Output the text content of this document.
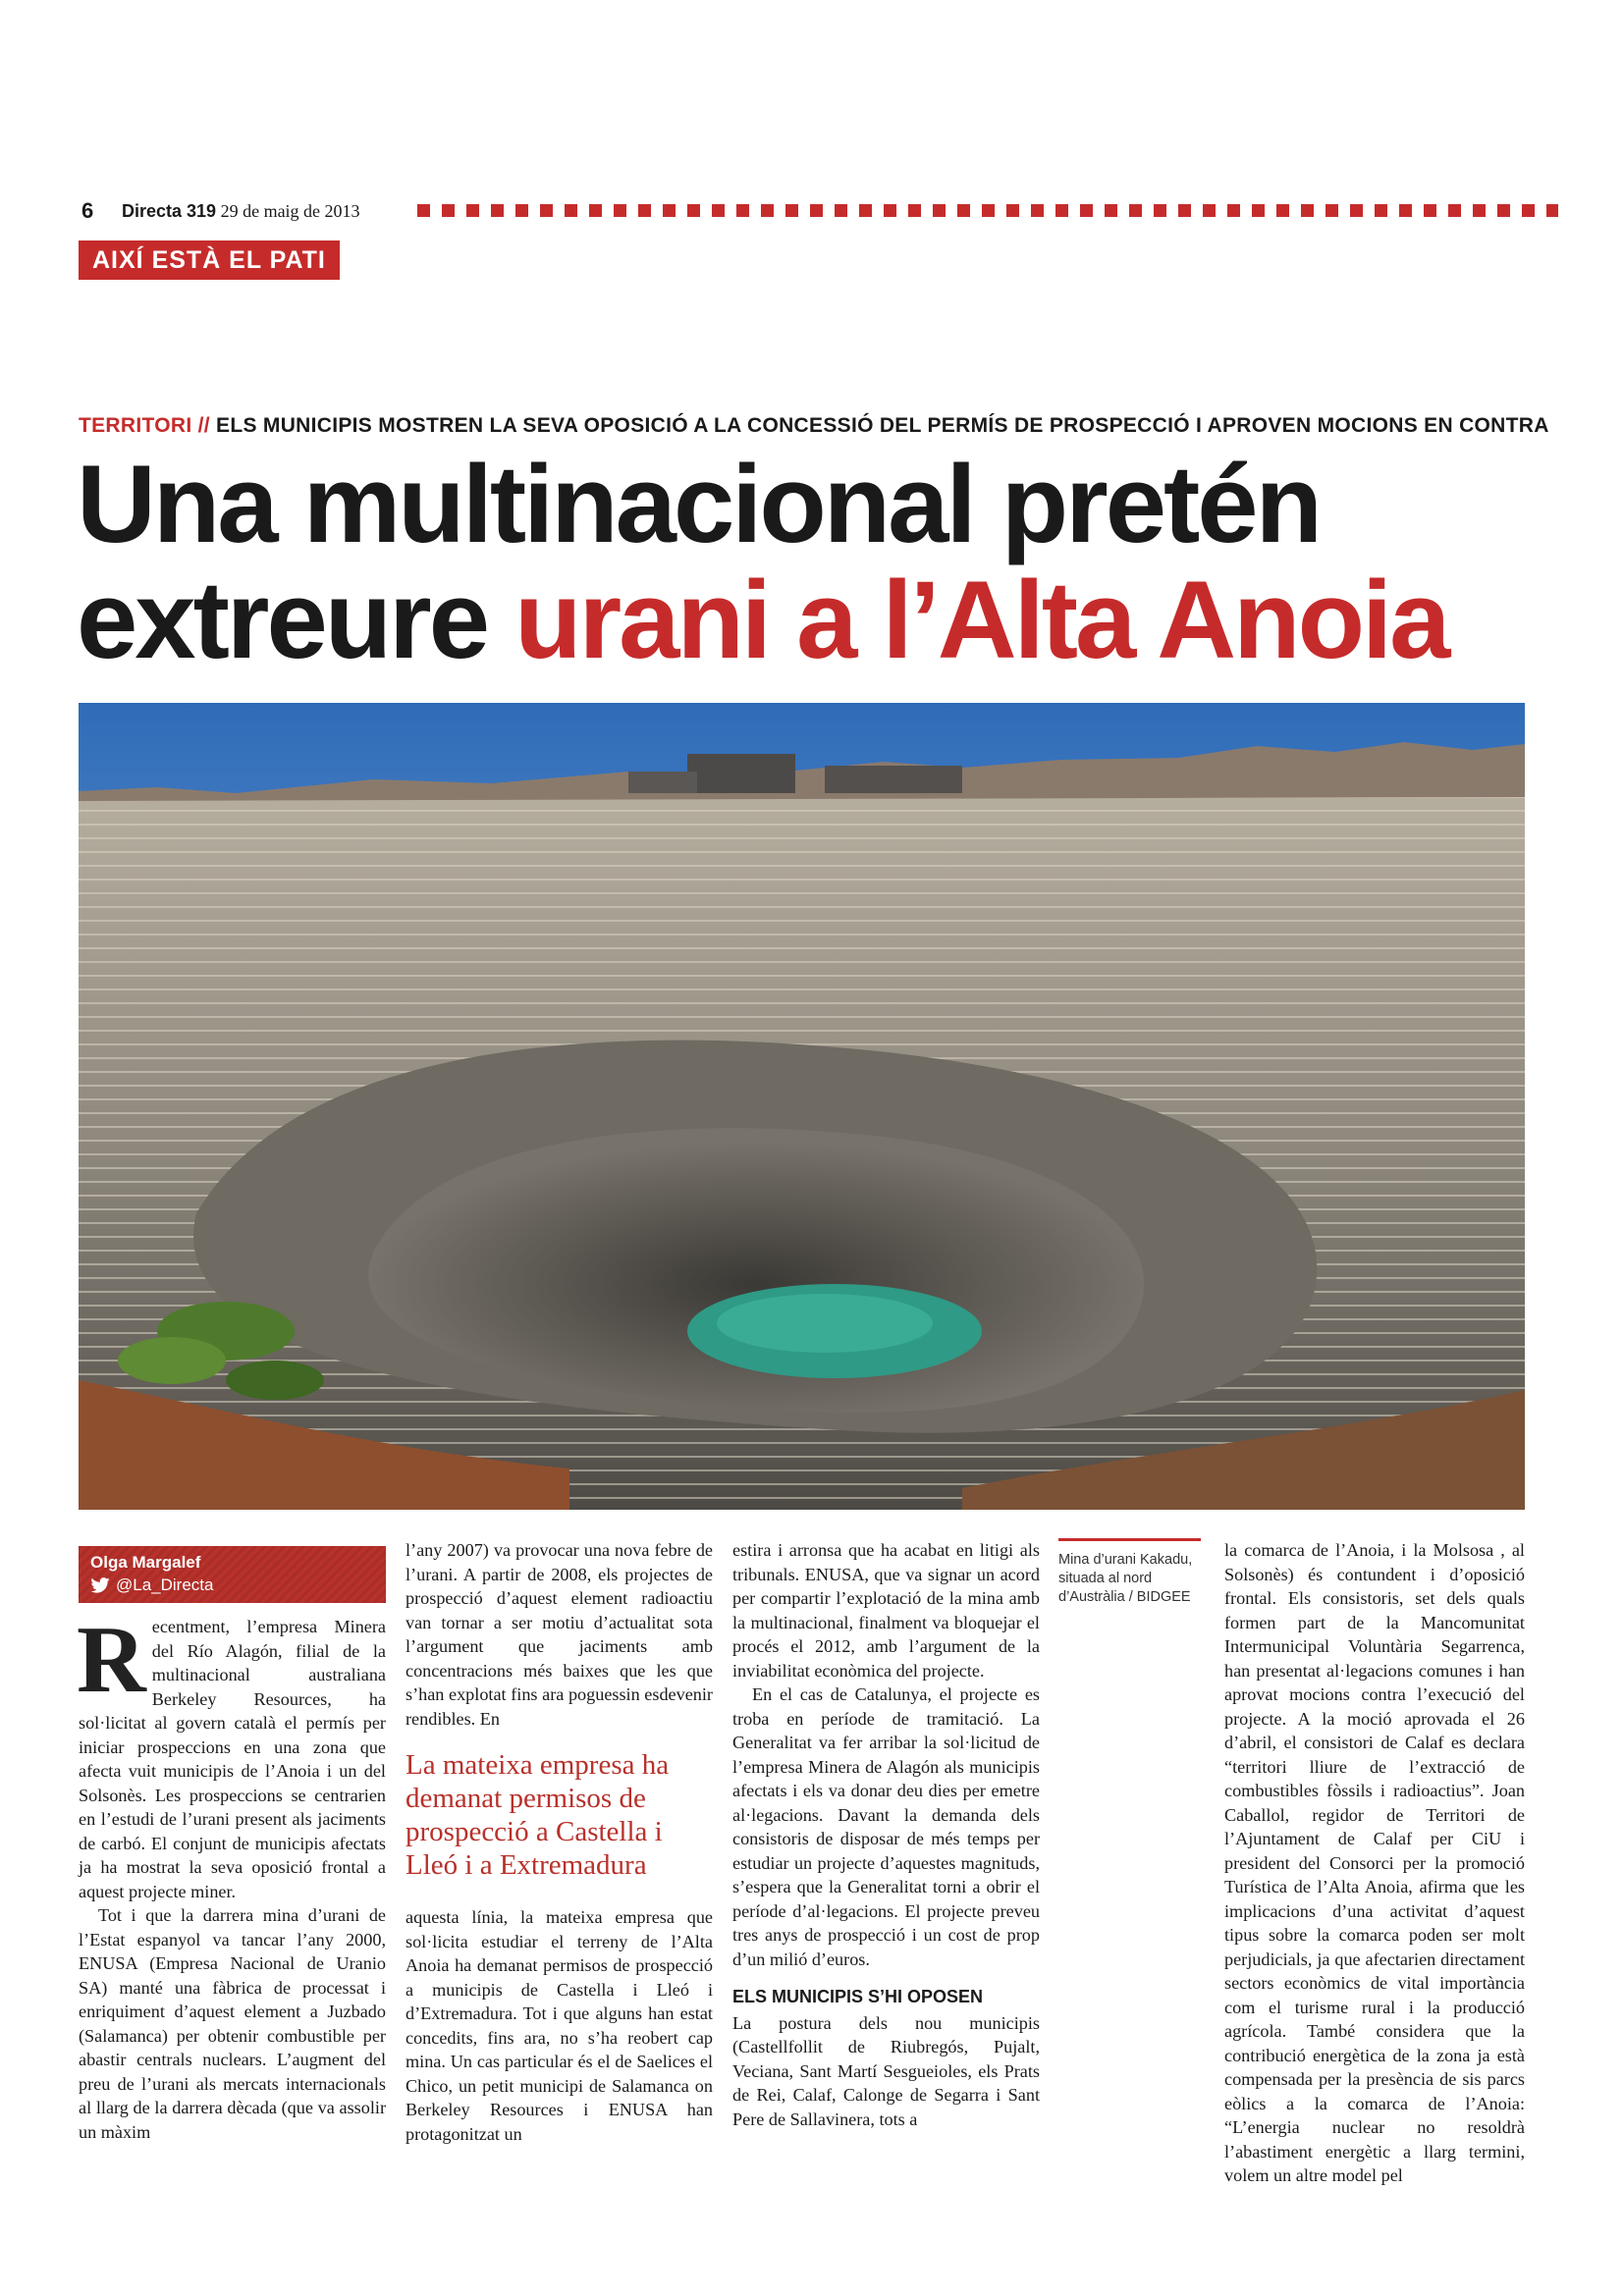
6 Directa 319 29 de maig de 2013
AIXÍ ESTÀ EL PATI
TERRITORI // ELS MUNICIPIS MOSTREN LA SEVA OPOSICIÓ A LA CONCESSIÓ DEL PERMÍS DE PROSPECCIÓ I APROVEN MOCIONS EN CONTRA
Una multinacional pretén
extreure urani a l’Alta Anoia
Olga Margalef
@La_Directa

Recentment, l’empresa Minera del Río Alagón, filial de la multinacional australiana Berkeley Resources, ha sol·licitat al govern català el permís per iniciar prospeccions en una zona que afecta vuit municipis de l’Anoia i un del Solsonès. Les prospeccions se centrarien en l’estudi de l’urani present als jaciments de carbó. El conjunt de municipis afectats ja ha mostrat la seva oposició frontal a aquest projecte miner.

Tot i que la darrera mina d’urani de l’Estat espanyol va tancar l’any 2000, ENUSA (Empresa Nacional de Uranio SA) manté una fàbrica de processat i enriquiment d’aquest element a Juzbado (Salamanca) per obtenir combustible per abastir centrals nuclears. L’augment del preu de l’urani als mercats internacionals al llarg de la darrera dècada (que va assolir un màxim

l’any 2007) va provocar una nova febre de l’urani. A partir de 2008, els projectes de prospecció d’aquest element radioactiu van tornar a ser motiu d’actualitat sota l’argument que jaciments amb concentracions més baixes que les que s’han explotat fins ara poguessin esdevenir rendibles. En

La mateixa empresa ha demanat permisos de prospecció a Castella i Lleó i a Extremadura

aquesta línia, la mateixa empresa que sol·licita estudiar el terreny de l’Alta Anoia ha demanat permisos de prospecció a municipis de Castella i Lleó i d’Extremadura. Tot i que alguns han estat concedits, fins ara, no s’ha reobert cap mina. Un cas particular és el de Saelices el Chico, un petit municipi de Salamanca on Berkeley Resources i ENUSA han protagonitzat un

estira i arronsa que ha acabat en litigi als tribunals. ENUSA, que va signar un acord per compartir l’explotació de la mina amb la multinacional, finalment va bloquejar el procés el 2012, amb l’argument de la inviabilitat econòmica del projecte.

En el cas de Catalunya, el projecte es troba en període de tramitació. La Generalitat va fer arribar la sol·licitud de l’empresa Minera de Alagón als municipis afectats i els va donar deu dies per emetre al·legacions. Davant la demanda dels consistoris de disposar de més temps per estudiar un projecte d’aquestes magnituds, s’espera que la Generalitat torni a obrir el període d’al·legacions. El projecte preveu tres anys de prospecció i un cost de prop d’un milió d’euros.

ELS MUNICIPIS S’HI OPOSEN

La postura dels nou municipis (Castellfollit de Riubregós, Pujalt, Veciana, Sant Martí Sesgueioles, els Prats de Rei, Calaf, Calonge de Segarra i Sant Pere de Sallavinera, tots a

Mina d’urani Kakadu, situada al nord d’Austràlia / BIDGEE

la comarca de l’Anoia, i la Molsosa , al Solsonès) és contundent i d’oposició frontal. Els consistoris, set dels quals formen part de la Mancomunitat Intermunicipal Voluntària Segarrenca, han presentat al·legacions comunes i han aprovat mocions contra l’execució del projecte. A la moció aprovada el 26 d’abril, el consistori de Calaf es declara “territori lliure de l’extracció de combustibles fòssils i radioactius”. Joan Caballol, regidor de Territori de l’Ajuntament de Calaf per CiU i president del Consorci per la promoció Turística de l’Alta Anoia, afirma que les implicacions d’una activitat d’aquest tipus sobre la comarca poden ser molt perjudicials, ja que afectarien directament sectors econòmics de vital importància com el turisme rural i la producció agrícola. També considera que la contribució energètica de la zona ja està compensada per la presència de sis parcs eòlics a la comarca de l’Anoia: “L’energia nuclear no resoldrà l’abastiment energètic a llarg termini, volem un altre model pel
